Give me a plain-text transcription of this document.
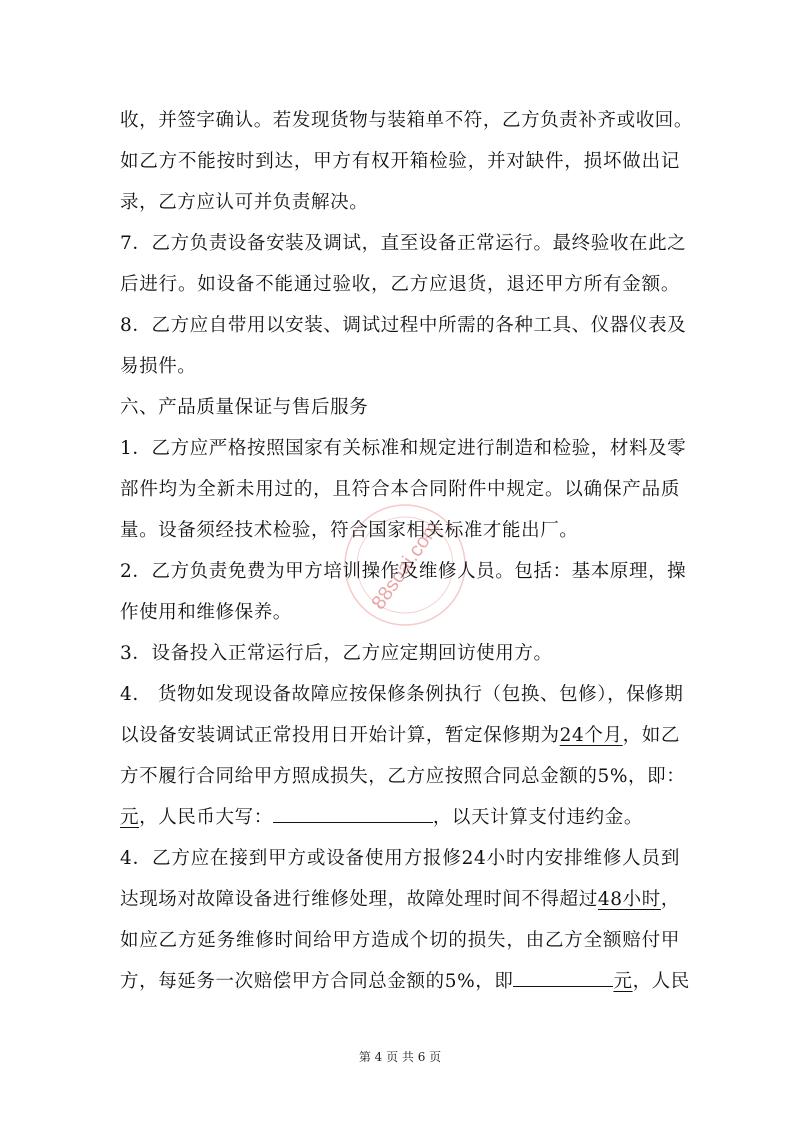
88soai.com
收，并签字确认。若发现货物与装箱单不符，乙方负责补齐或收回。
如乙方不能按时到达，甲方有权开箱检验，并对缺件，损坏做出记
录，乙方应认可并负责解决。
7．乙方负责设备安装及调试，直至设备正常运行。最终验收在此之
后进行。如设备不能通过验收，乙方应退货，退还甲方所有金额。
8．乙方应自带用以安装、调试过程中所需的各种工具、仪器仪表及
易损件。
六、产品质量保证与售后服务
1．乙方应严格按照国家有关标准和规定进行制造和检验，材料及零
部件均为全新未用过的，且符合本合同附件中规定。以确保产品质
量。设备须经技术检验，符合国家相关标准才能出厂。
2．乙方负责免费为甲方培训操作及维修人员。包括：基本原理，操
作使用和维修保养。
3．设备投入正常运行后，乙方应定期回访使用方。
4.　货物如发现设备故障应按保修条例执行（包换、包修），保修期
以设备安装调试正常投用日开始计算，暂定保修期为24个月，如乙
方不履行合同给甲方照成损失，乙方应按照合同总金额的5%，即：
元，人民币大写：	，以天计算支付违约金。
4．乙方应在接到甲方或设备使用方报修24小时内安排维修人员到
达现场对故障设备进行维修处理，故障处理时间不得超过48小时，
如应乙方延务维修时间给甲方造成个切的损失，由乙方全额赔付甲
方，每延务一次赔偿甲方合同总金额的5%，即	元，人民
第 4 页 共 6 页
